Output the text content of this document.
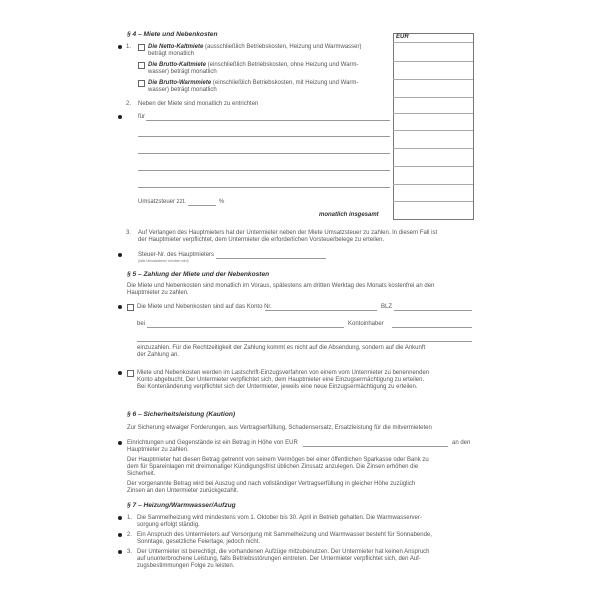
§ 4 – Miete und Nebenkosten	EUR
1.	Die Netto-Kaltmiete (ausschließlich Betriebskosten, Heizung und Warmwasser)
beträgt monatlich
Die Brutto-Kaltmiete (einschließlich Betriebskosten, ohne Heizung und Warm-
wasser) beträgt monatlich
Die Brutto-Warmmiete (einschließlich Betriebskosten, mit Heizung und Warm-
wasser) beträgt monatlich
2. Neben der Miete sind monatlich zu entrichten
für
Umsatzsteuer zzt.	%
monatlich insgesamt
3. Auf Verlangen des Hauptmieters hat der Untermieter neben der Miete Umsatzsteuer zu zahlen. In diesem Fall ist
der Hauptmieter verpflichtet, dem Untermieter die erforderlichen Vorsteuerbelege zu erteilen.
Steuer-Nr. des Hauptmieters
(falls Umsatzsteuer erhoben wird)
§ 5 – Zahlung der Miete und der Nebenkosten
Die Miete und Nebenkosten sind monatlich im Voraus, spätestens am dritten Werktag des Monats kostenfrei an den
Hauptmieter zu zahlen.
Die Miete und Nebenkosten sind auf das Konto Nr.	BLZ
bei	Kontoinhaber
einzuzahlen. Für die Rechtzeitigkeit der Zahlung kommt es nicht auf die Absendung, sondern auf die Ankunft
der Zahlung an.
Miete und Nebenkosten werden im Lastschrift-Einzugsverfahren von einem vom Untermieter zu benennenden
Konto abgebucht. Der Untermieter verpflichtet sich, dem Hauptmieter eine Einzugsermächtigung zu erteilen.
Bei Kontenänderung verpflichtet sich der Untermieter, jeweils eine neue Einzugsermächtigung zu erteilen.
§ 6 – Sicherheitsleistung (Kaution)
Zur Sicherung etwaiger Forderungen, aus Vertragserfüllung, Schadensersatz, Ersatzleistung für die mitvermieteten
Einrichtungen und Gegenstände ist ein Betrag in Höhe von EUR	an den
Hauptmieter zu zahlen.
Der Hauptmieter hat diesen Betrag getrennt von seinem Vermögen bei einer öffentlichen Sparkasse oder Bank zu
dem für Spareinlagen mit dreimonatiger Kündigungsfrist üblichen Zinssatz anzulegen. Die Zinsen erhöhen die
Sicherheit.
Der vorgenannte Betrag wird bei Auszug und nach vollständiger Vertragserfüllung in gleicher Höhe zuzüglich
Zinsen an den Untermieter zurückgezahlt.
§ 7 – Heizung/Warmwasser/Aufzug
1. Die Sammelheizung wird mindestens vom 1. Oktober bis 30. April in Betrieb gehalten. Die Warmwasserver-
sorgung erfolgt ständig.
2. Ein Anspruch des Untermieters auf Versorgung mit Sammelheizung und Warmwasser besteht für Sonnabende,
Sonntage, gesetzliche Feiertage, jedoch nicht.
3. Der Untermieter ist berechtigt, die vorhandenen Aufzüge mitzubenutzen. Der Untermieter hat keinen Anspruch
auf ununterbrochene Leistung, falls Betriebsstörungen eintreten. Der Untermieter verpflichtet sich, den Auf-
zugsbestimmungen Folge zu leisten.
